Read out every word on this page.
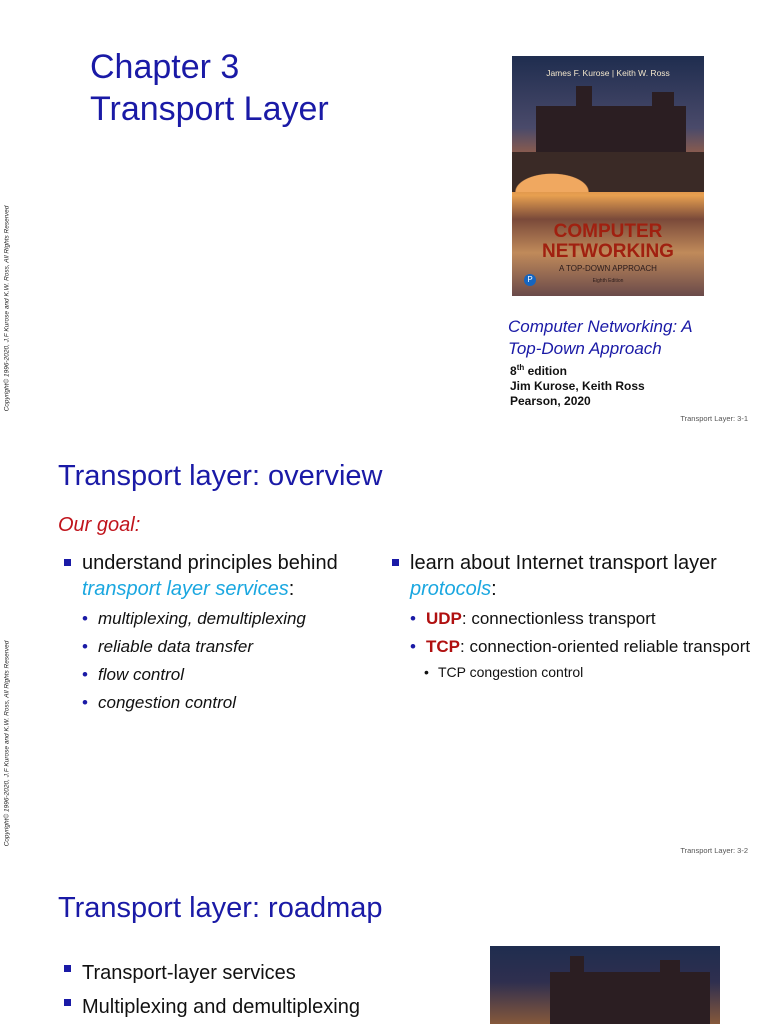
Copyright© 1996-2020, J.F Kurose and K.W. Ross, All Rights Reserved
Chapter 3
Transport Layer
James F. Kurose | Keith W. Ross
COMPUTER
NETWORKING
A TOP-DOWN APPROACH
Eighth Edition
P
Computer Networking: A
Top-Down Approach
8th edition
Jim Kurose, Keith Ross
Pearson, 2020
Transport Layer: 3-1
Copyright© 1996-2020, J.F Kurose and K.W. Ross, All Rights Reserved
Transport layer: overview
Our goal:
understand principles behind transport layer services:
• multiplexing, demultiplexing
• reliable data transfer
• flow control
• congestion control
learn about Internet transport layer protocols:
• UDP: connectionless transport
• TCP: connection-oriented reliable transport
• TCP congestion control
Transport Layer: 3-2
Transport layer: roadmap
Transport-layer services
Multiplexing and demultiplexing
